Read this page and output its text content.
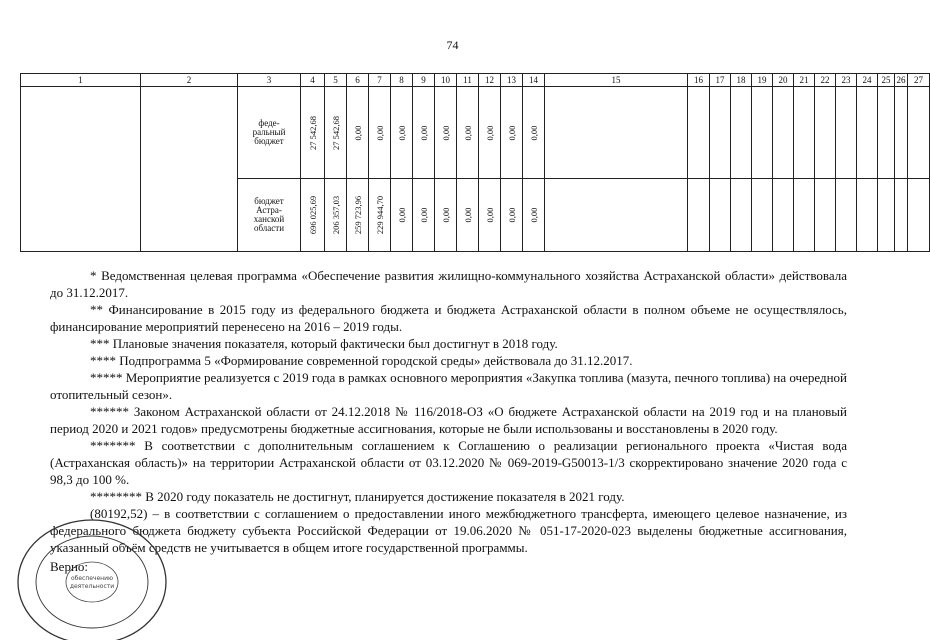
74
1	2	3	4	5	6	7	8	9	10	11	12	13	14	15	16	17	18	19	20	21	22	23	24	25	26	27
		феде-
ральный
бюджет	27 542,68	27 542,68	0,00	0,00	0,00	0,00	0,00	0,00	0,00	0,00	0,00													

		бюджет
Астра-
ханской
области	696 025,69	206 357,03	259 723,96	229 944,70	0,00	0,00	0,00	0,00	0,00	0,00	0,00													

* Ведомственная целевая программа «Обеспечение развития жилищно-коммунального хозяйства Астраханской области» действовала до 31.12.2017.

** Финансирование в 2015 году из федерального бюджета и бюджета Астраханской области в полном объеме не осуществлялось, финансирование мероприятий перенесено на 2016 – 2019 годы.

*** Плановые значения показателя, который фактически был достигнут в 2018 году.

**** Подпрограмма 5 «Формирование современной городской среды» действовала до 31.12.2017.

***** Мероприятие реализуется с 2019 года в рамках основного мероприятия «Закупка топлива (мазута, печного топлива) на очередной отопительный сезон».

****** Законом Астраханской области от 24.12.2018 № 116/2018-ОЗ «О бюджете Астраханской области на 2019 год и на плановый период 2020 и 2021 годов» предусмотрены бюджетные ассигнования, которые не были использованы и восстановлены в 2020 году.

******* В соответствии с дополнительным соглашением к Соглашению о реализации регионального проекта «Чистая вода (Астраханская область)» на территории Астраханской области от 03.12.2020 № 069-2019-G50013-1/3 скорректировано значение 2020 года с 98,3 до 100 %.

******** В 2020 году показатель не достигнут, планируется достижение показателя в 2021 году.

(80192,52) – в соответствии с соглашением о предоставлении иного межбюджетного трансферта, имеющего целевое назначение, из федерального бюджета бюджету субъекта Российской Федерации от 19.06.2020 № 051-17-2020-023 выделены бюджетные ассигнования, указанный объём средств не учитывается в общем итоге государственной программы.

Верно:

обеспечению
деятельности
